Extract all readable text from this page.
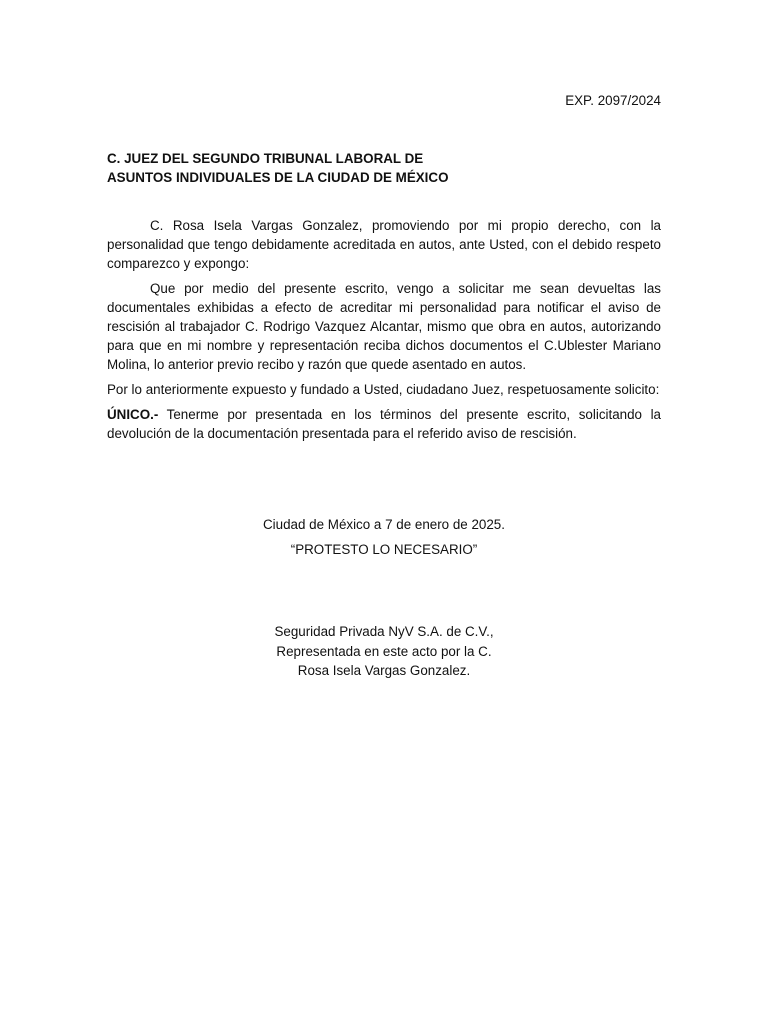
EXP. 2097/2024
C. JUEZ DEL SEGUNDO TRIBUNAL LABORAL DE
ASUNTOS INDIVIDUALES DE LA CIUDAD DE MÉXICO

C. Rosa Isela Vargas Gonzalez, promoviendo por mi propio derecho, con la personalidad que tengo debidamente acreditada en autos, ante Usted, con el debido respeto comparezco y expongo:

Que por medio del presente escrito, vengo a solicitar me sean devueltas las documentales exhibidas a efecto de acreditar mi personalidad para notificar el aviso de rescisión al trabajador C. Rodrigo Vazquez Alcantar, mismo que obra en autos, autorizando para que en mi nombre y representación reciba dichos documentos el C.Ublester Mariano Molina, lo anterior previo recibo y razón que quede asentado en autos.

Por lo anteriormente expuesto y fundado a Usted, ciudadano Juez, respetuosamente solicito:

ÚNICO.- Tenerme por presentada en los términos del presente escrito, solicitando la devolución de la documentación presentada para el referido aviso de rescisión.

Ciudad de México a 7 de enero de 2025.
“PROTESTO LO NECESARIO”
Seguridad Privada NyV S.A. de C.V.,
Representada en este acto por la C.
Rosa Isela Vargas Gonzalez.
